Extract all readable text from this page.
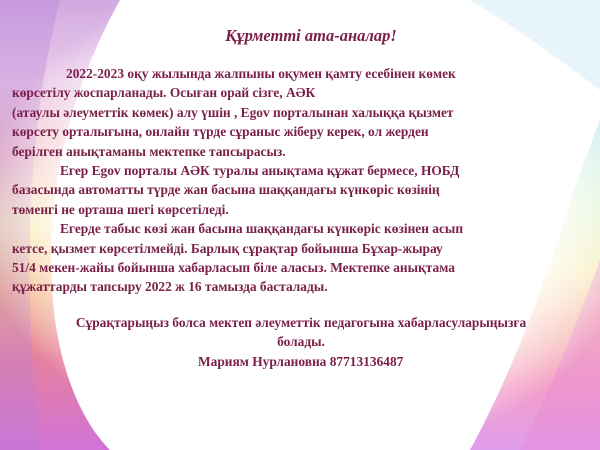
Құрметті ата-аналар!

2022-2023 оқу жылында жалпыны оқумен қамту есебінен көмек
көрсетілу жоспарланады. Осыған орай сізге, АӘК
(атаулы әлеуметтік көмек) алу үшін , Egov порталынан халыққа қызмет
көрсету орталығына, онлайн түрде сұраныс жіберу керек, ол жерден
берілген анықтаманы мектепке тапсырасыз.

Егер Egov порталы АӘК туралы анықтама құжат бермесе, НОБД
базасында автоматты түрде жан басына шаққандағы күнкөріс көзінің
төменгі не орташа шегі көрсетіледі.

Егерде табыс көзі жан басына шаққандағы күнкөріс көзінен асып
кетсе, қызмет көрсетілмейді. Барлық сұрақтар бойынша Бұхар-жырау
51/4 мекен-жайы бойынша хабарласып біле аласыз. Мектепке анықтама
құжаттарды тапсыру 2022 ж 16 тамызда басталады.

Сұрақтарыңыз болса мектеп әлеуметтік педагогына хабарласуларыңызға
болады.

Мариям Нурлановна 87713136487
